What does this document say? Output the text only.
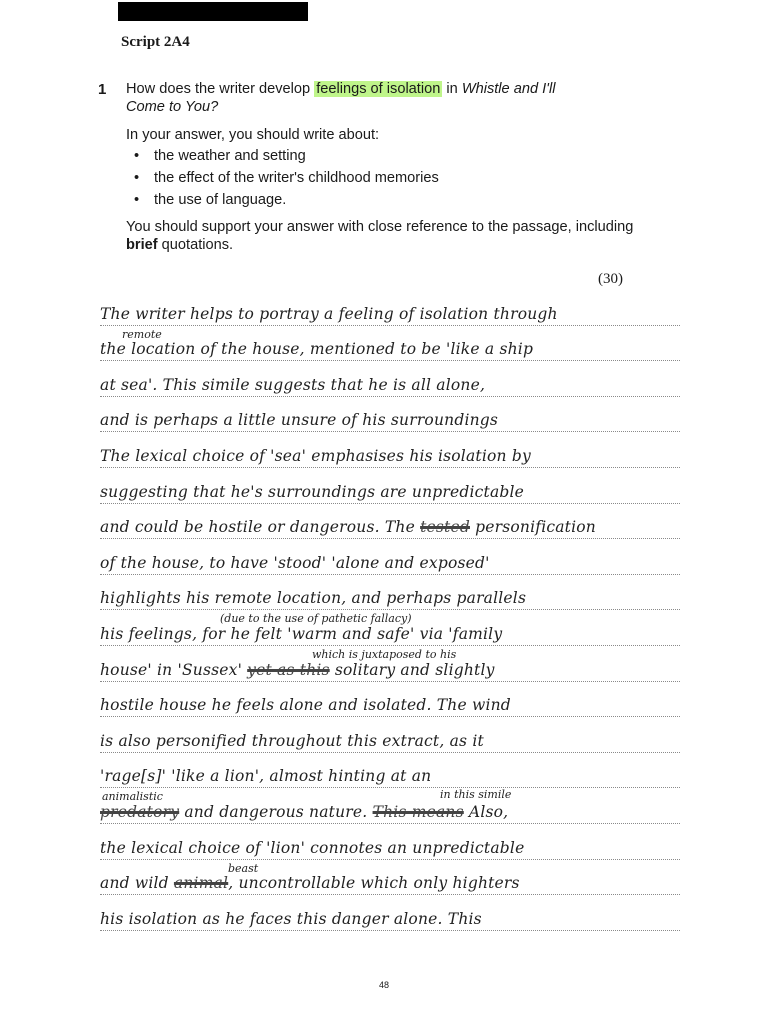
Script 2A4
1 How does the writer develop feelings of isolation in Whistle and I'll
Come to You?

In your answer, you should write about:

• the weather and setting
• the effect of the writer's childhood memories
• the use of language.

You should support your answer with close reference to the passage, including brief quotations.

(30)
The writer helps to portray a feeling of isolation through
remote
the location of the house, mentioned to be 'like a ship
at sea'. This simile suggests that he is all alone,
and is perhaps a little unsure of his surroundings
The lexical choice of 'sea' emphasises his isolation by
suggesting that he's surroundings are unpredictable
and could be hostile or dangerous. The tested personification
of the house, to have 'stood' 'alone and exposed'
highlights his remote location, and perhaps parallels
(due to the use of pathetic fallacy)
his feelings, for he felt 'warm and safe' via 'family
which is juxtaposed to his
house' in 'Sussex' yet as this solitary and slightly
hostile house he feels alone and isolated. The wind
is also personified throughout this extract, as it
'rage[s]' 'like a lion', almost hinting at an
animalistic	in this simile
predatory and dangerous nature. This means Also,
the lexical choice of 'lion' connotes an unpredictable
beast
and wild animal, uncontrollable which only highters
his isolation as he faces this danger alone. This
48
